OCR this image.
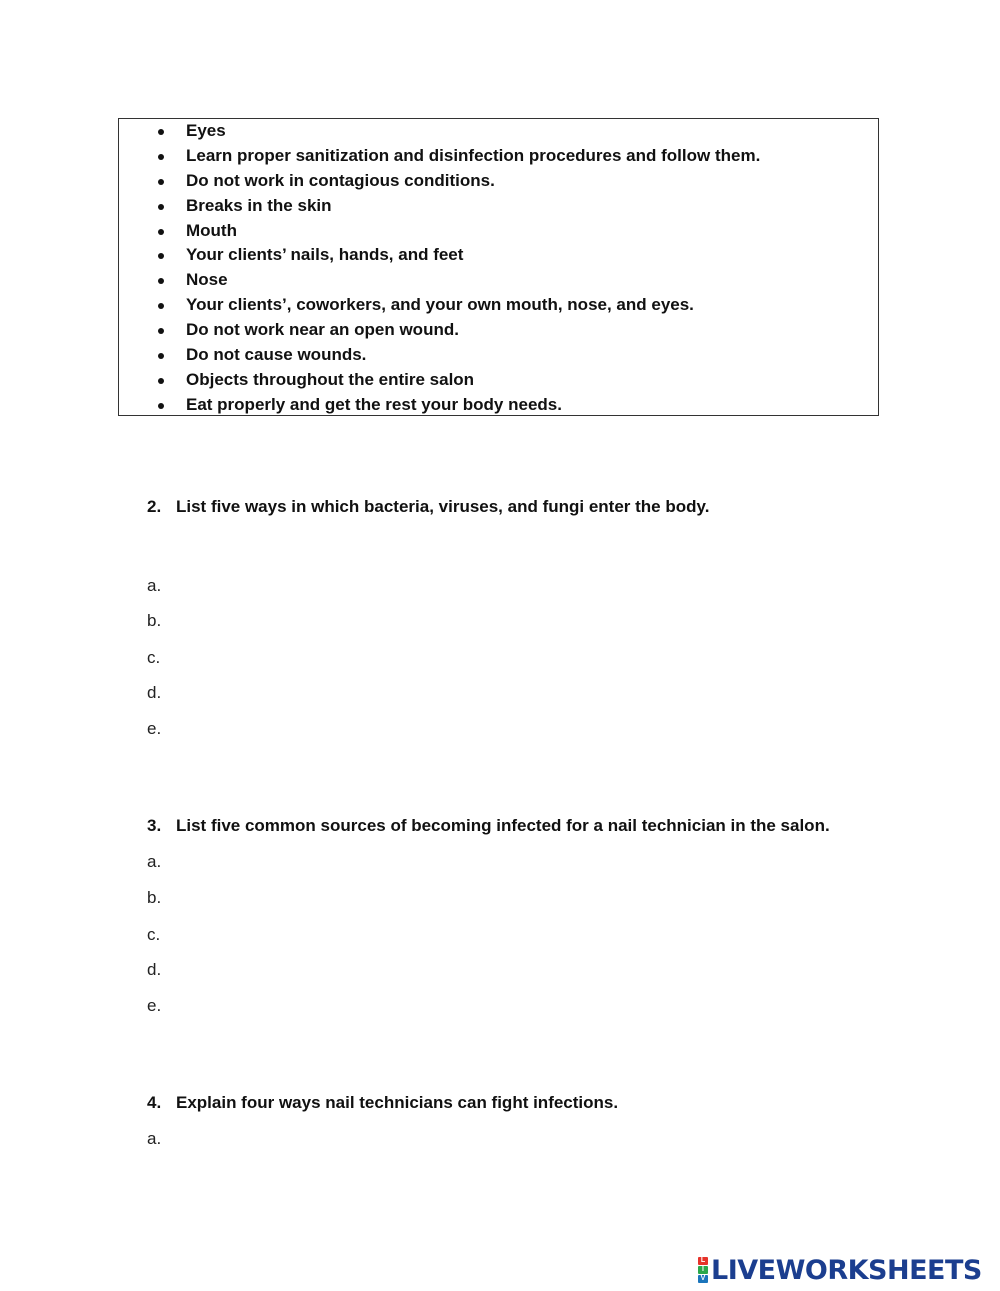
Eyes
Learn proper sanitization and disinfection procedures and follow them.
Do not work in contagious conditions.
Breaks in the skin
Mouth
Your clients’ nails, hands, and feet
Nose
Your clients’, coworkers, and your own mouth, nose, and eyes.
Do not work near an open wound.
Do not cause wounds.
Objects throughout the entire salon
Eat properly and get the rest your body needs.
2. List five ways in which bacteria, viruses, and fungi enter the body.
a.
b.
c.
d.
e.
3. List five common sources of becoming infected for a nail technician in the salon.
a.
b.
c.
d.
e.
4. Explain four ways nail technicians can fight infections.
a.
L
I
V LIVEWORKSHEETS
